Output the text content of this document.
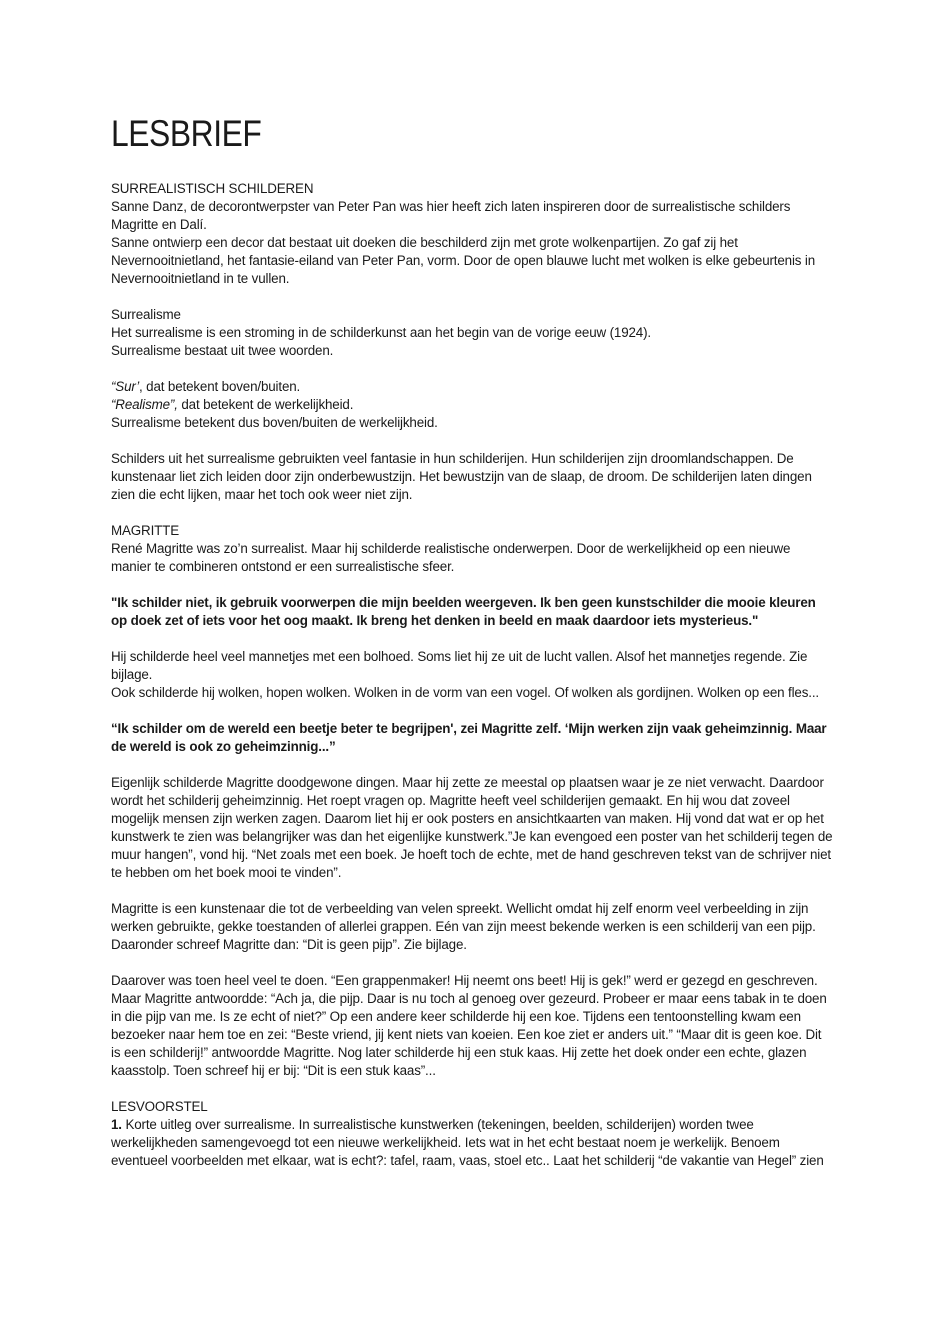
LESBRIEF

SURREALISTISCH SCHILDEREN

Sanne Danz, de decorontwerpster van Peter Pan was hier heeft zich laten inspireren door de surrealistische schilders Magritte en Dalí.

Sanne ontwierp een decor dat bestaat uit doeken die beschilderd zijn met grote wolkenpartijen. Zo gaf zij het Nevernooitnietland, het fantasie-eiland van Peter Pan, vorm. Door de open blauwe lucht met wolken is elke gebeurtenis in Nevernooitnietland in te vullen.

Surrealisme

Het surrealisme is een stroming in de schilderkunst aan het begin van de vorige eeuw (1924).

Surrealisme bestaat uit twee woorden.

“Sur’, dat betekent boven/buiten.

“Realisme”, dat betekent de werkelijkheid.

Surrealisme betekent dus boven/buiten de werkelijkheid.

Schilders uit het surrealisme gebruikten veel fantasie in hun schilderijen. Hun schilderijen zijn droomlandschappen. De kunstenaar liet zich leiden door zijn onderbewustzijn. Het bewustzijn van de slaap, de droom. De schilderijen laten dingen zien die echt lijken, maar het toch ook weer niet zijn.

MAGRITTE

René Magritte was zo’n surrealist. Maar hij schilderde realistische onderwerpen. Door de werkelijkheid op een nieuwe manier te combineren ontstond er een surrealistische sfeer.

"Ik schilder niet, ik gebruik voorwerpen die mijn beelden weergeven. Ik ben geen kunstschilder die mooie kleuren op doek zet of iets voor het oog maakt. Ik breng het denken in beeld en maak daardoor iets mysterieus."

Hij schilderde heel veel mannetjes met een bolhoed. Soms liet hij ze uit de lucht vallen. Alsof het mannetjes regende. Zie bijlage.

Ook schilderde hij wolken, hopen wolken. Wolken in de vorm van een vogel. Of wolken als gordijnen. Wolken op een fles...

“Ik schilder om de wereld een beetje beter te begrijpen', zei Magritte zelf. ‘Mijn werken zijn vaak geheimzinnig. Maar de wereld is ook zo geheimzinnig...”

Eigenlijk schilderde Magritte doodgewone dingen. Maar hij zette ze meestal op plaatsen waar je ze niet verwacht. Daardoor wordt het schilderij geheimzinnig. Het roept vragen op. Magritte heeft veel schilderijen gemaakt. En hij wou dat zoveel mogelijk mensen zijn werken zagen. Daarom liet hij er ook posters en ansichtkaarten van maken. Hij vond dat wat er op het kunstwerk te zien was belangrijker was dan het eigenlijke kunstwerk.”Je kan evengoed een poster van het schilderij tegen de muur hangen”, vond hij. “Net zoals met een boek. Je hoeft toch de echte, met de hand geschreven tekst van de schrijver niet te hebben om het boek mooi te vinden”.

Magritte is een kunstenaar die tot de verbeelding van velen spreekt. Wellicht omdat hij zelf enorm veel verbeelding in zijn werken gebruikte, gekke toestanden of allerlei grappen. Eén van zijn meest bekende werken is een schilderij van een pijp. Daaronder schreef Magritte dan: “Dit is geen pijp”. Zie bijlage.

Daarover was toen heel veel te doen. “Een grappenmaker! Hij neemt ons beet! Hij is gek!” werd er gezegd en geschreven. Maar Magritte antwoordde: “Ach ja, die pijp. Daar is nu toch al genoeg over gezeurd. Probeer er maar eens tabak in te doen in die pijp van me. Is ze echt of niet?” Op een andere keer schilderde hij een koe. Tijdens een tentoonstelling kwam een bezoeker naar hem toe en zei: “Beste vriend, jij kent niets van koeien. Een koe ziet er anders uit.” “Maar dit is geen koe. Dit is een schilderij!” antwoordde Magritte. Nog later schilderde hij een stuk kaas. Hij zette het doek onder een echte, glazen kaasstolp. Toen schreef hij er bij: “Dit is een stuk kaas”...

LESVOORSTEL

1. Korte uitleg over surrealisme. In surrealistische kunstwerken (tekeningen, beelden, schilderijen) worden twee werkelijkheden samengevoegd tot een nieuwe werkelijkheid. Iets wat in het echt bestaat noem je werkelijk. Benoem eventueel voorbeelden met elkaar, wat is echt?: tafel, raam, vaas, stoel etc.. Laat het schilderij “de vakantie van Hegel” zien
